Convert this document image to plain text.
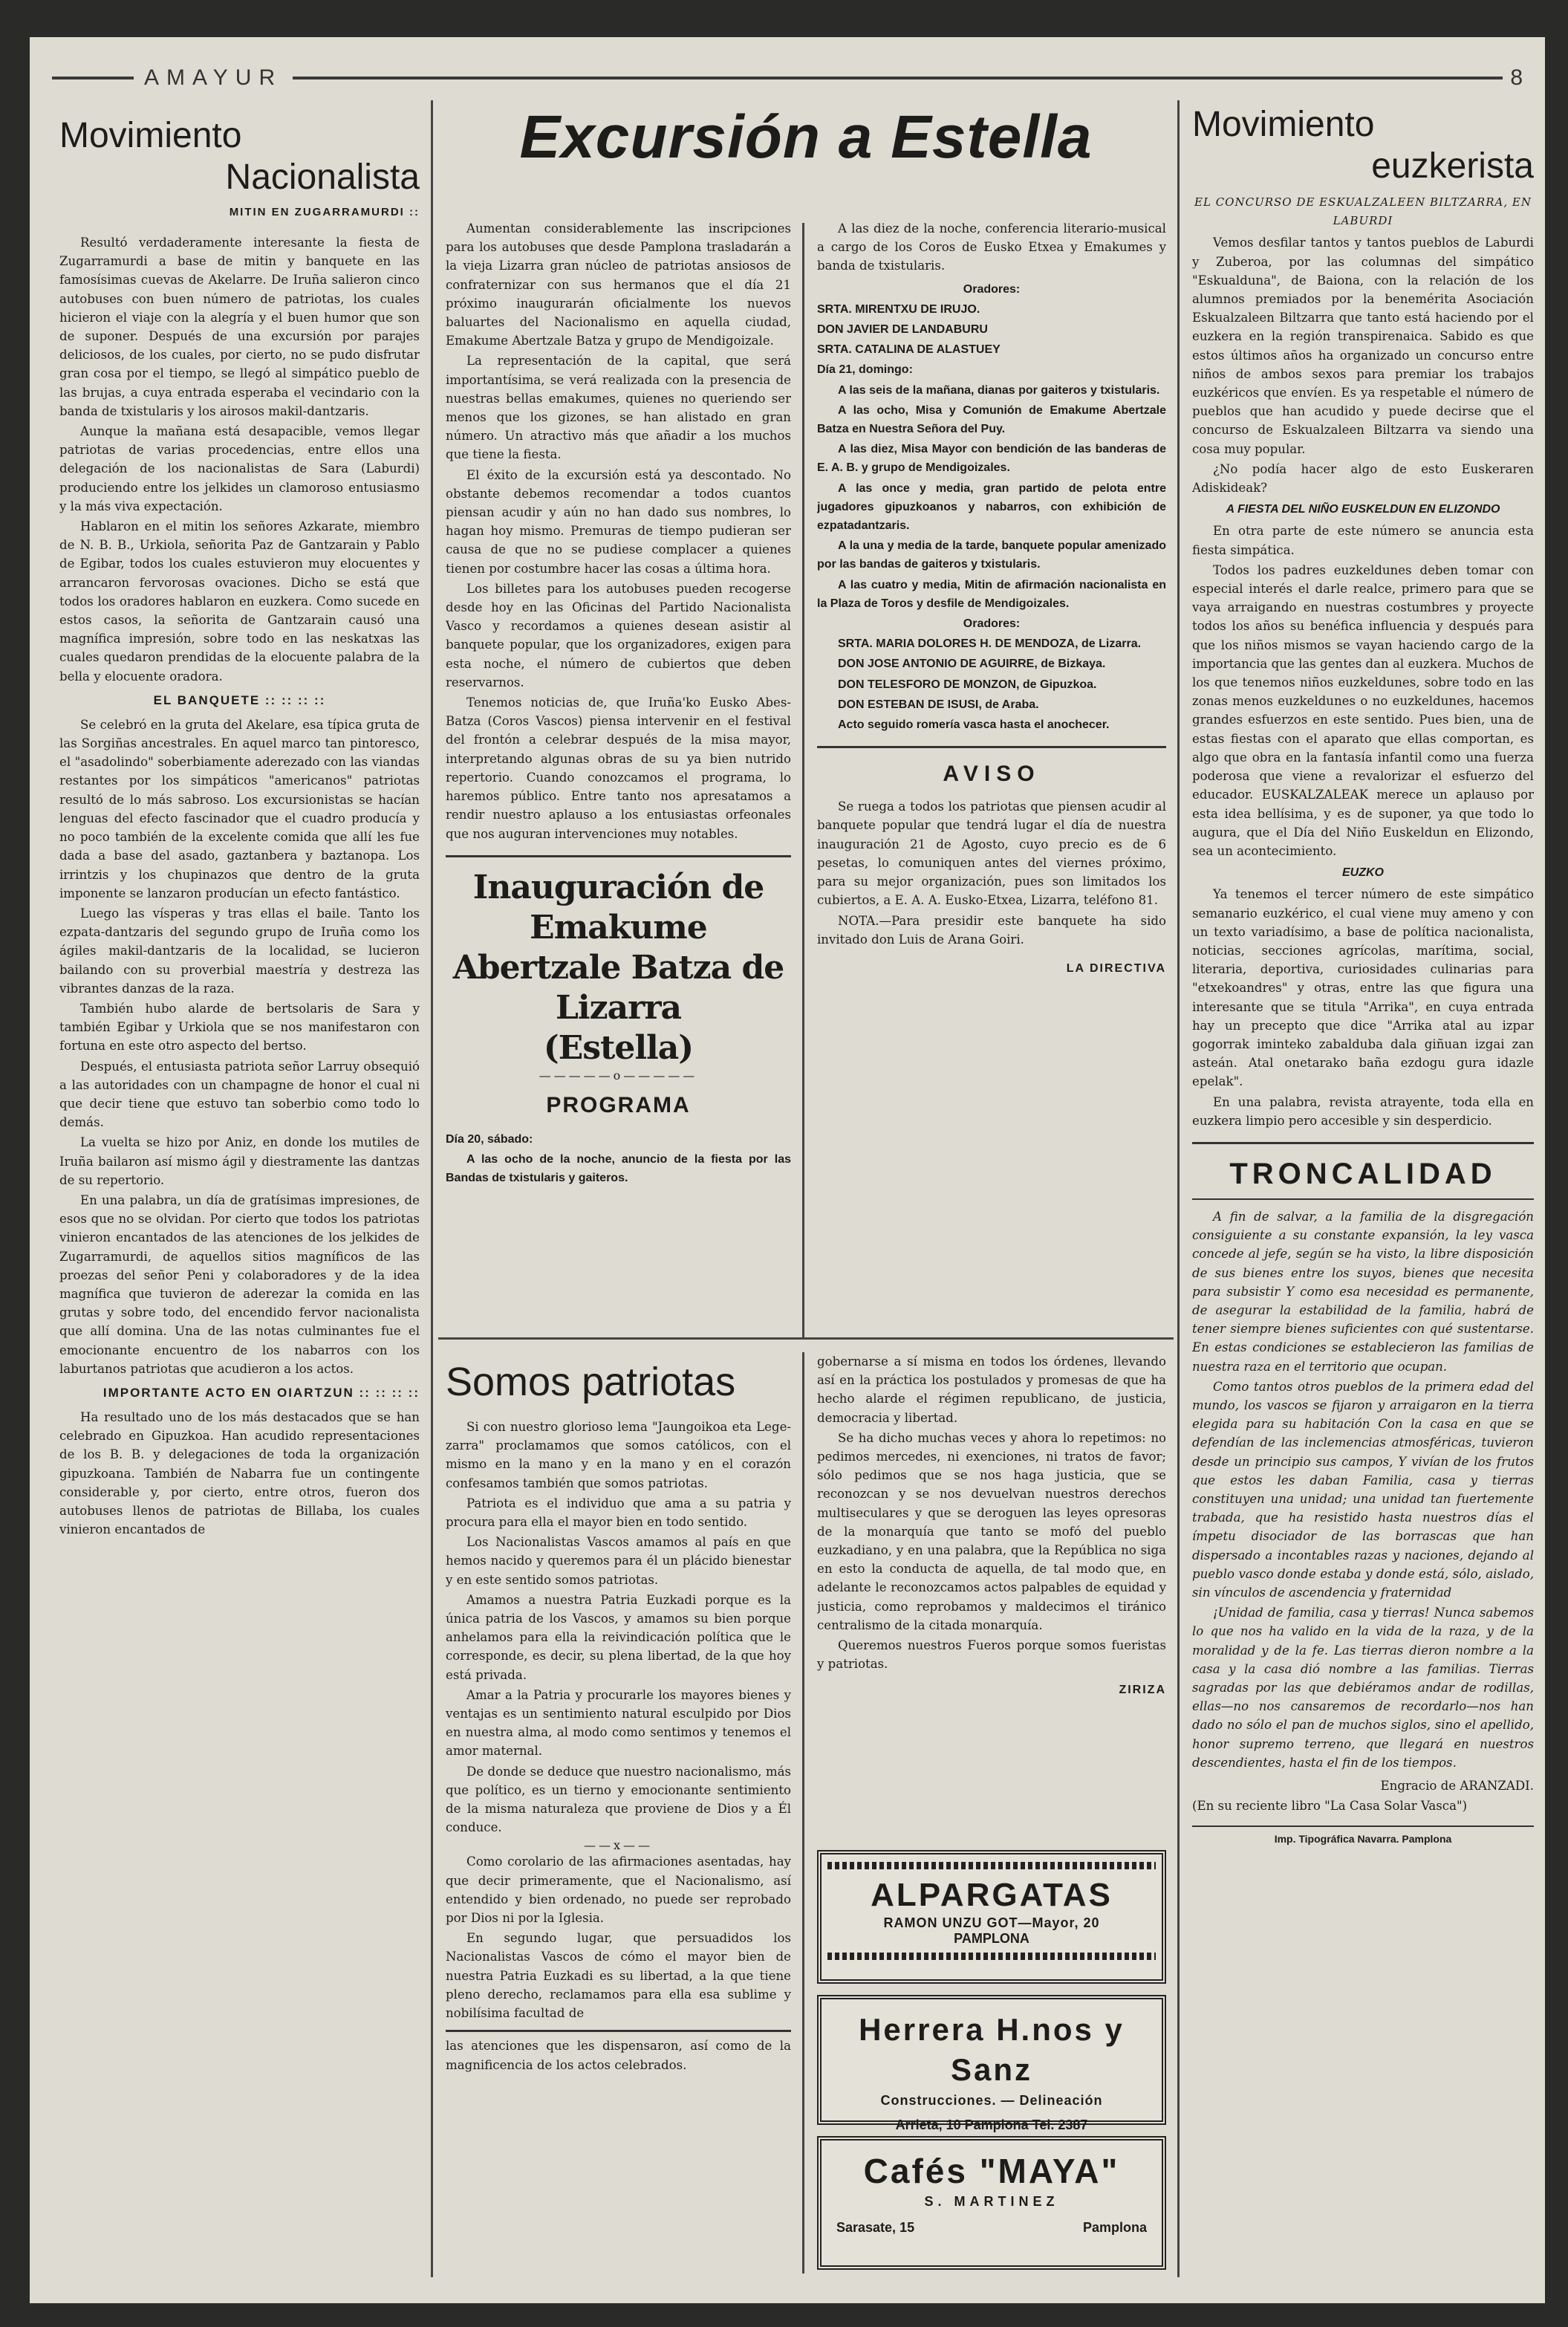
AMAYUR	8
Movimiento
Nacionalista
MITIN EN ZUGARRAMURDI ::

Resultó verdaderamente interesante la fiesta de Zugarramurdi a base de mitin y banquete en las famosísimas cuevas de Akelarre. De Iruña salieron cinco autobuses con buen número de patriotas, los cuales hicieron el viaje con la alegría y el buen humor que son de suponer. Después de una excursión por parajes deliciosos, de los cuales, por cierto, no se pudo disfrutar gran cosa por el tiempo, se llegó al simpático pueblo de las brujas, a cuya entrada esperaba el vecindario con la banda de txistularis y los airosos makil-dantzaris.

Aunque la mañana está desapacible, vemos llegar patriotas de varias procedencias, entre ellos una delegación de los nacionalistas de Sara (Laburdi) produciendo entre los jelkides un clamoroso entusiasmo y la más viva expectación.

Hablaron en el mitin los señores Azkarate, miembro de N. B. B., Urkiola, señorita Paz de Gantzarain y Pablo de Egibar, todos los cuales estuvieron muy elocuentes y arrancaron fervorosas ovaciones. Dicho se está que todos los oradores hablaron en euzkera. Como sucede en estos casos, la señorita de Gantzarain causó una magnífica impresión, sobre todo en las neskatxas las cuales quedaron prendidas de la elocuente palabra de la bella y elocuente oradora.

EL BANQUETE :: :: :: ::

Se celebró en la gruta del Akelare, esa típica gruta de las Sorgiñas ancestrales. En aquel marco tan pintoresco, el "asadolindo" soberbiamente aderezado con las viandas restantes por los simpáticos "americanos" patriotas resultó de lo más sabroso. Los excursionistas se hacían lenguas del efecto fascinador que el cuadro producía y no poco también de la excelente comida que allí les fue dada a base del asado, gaztanbera y baztanopa. Los irrintzis y los chupinazos que dentro de la gruta imponente se lanzaron producían un efecto fantástico.

Luego las vísperas y tras ellas el baile. Tanto los ezpata-dantzaris del segundo grupo de Iruña como los ágiles makil-dantzaris de la localidad, se lucieron bailando con su proverbial maestría y destreza las vibrantes danzas de la raza.

También hubo alarde de bertsolaris de Sara y también Egibar y Urkiola que se nos manifestaron con fortuna en este otro aspecto del bertso.

Después, el entusiasta patriota señor Larruy obsequió a las autoridades con un champagne de honor el cual ni que decir tiene que estuvo tan soberbio como todo lo demás.

La vuelta se hizo por Aniz, en donde los mutiles de Iruña bailaron así mismo ágil y diestramente las dantzas de su repertorio.

En una palabra, un día de gratísimas impresiones, de esos que no se olvidan. Por cierto que todos los patriotas vinieron encantados de las atenciones de los jelkides de Zugarramurdi, de aquellos sitios magníficos de las proezas del señor Peni y colaboradores y de la idea magnífica que tuvieron de aderezar la comida en las grutas y sobre todo, del encendido fervor nacionalista que allí domina. Una de las notas culminantes fue el emocionante encuentro de los nabarros con los laburtanos patriotas que acudieron a los actos.

IMPORTANTE ACTO EN OIARTZUN :: :: :: ::

Ha resultado uno de los más destacados que se han celebrado en Gipuzkoa. Han acudido representaciones de los B. B. y delegaciones de toda la organización gipuzkoana. También de Nabarra fue un contingente considerable y, por cierto, entre otros, fueron dos autobuses llenos de patriotas de Billaba, los cuales vinieron encantados de

Excursión a Estella

Aumentan considerablemente las inscripciones para los autobuses que desde Pamplona trasladarán a la vieja Lizarra gran núcleo de patriotas ansiosos de confraternizar con sus hermanos que el día 21 próximo inaugurarán oficialmente los nuevos baluartes del Nacionalismo en aquella ciudad, Emakume Abertzale Batza y grupo de Mendigoizale.

La representación de la capital, que será importantísima, se verá realizada con la presencia de nuestras bellas emakumes, quienes no queriendo ser menos que los gizones, se han alistado en gran número. Un atractivo más que añadir a los muchos que tiene la fiesta.

El éxito de la excursión está ya descontado. No obstante debemos recomendar a todos cuantos piensan acudir y aún no han dado sus nombres, lo hagan hoy mismo. Premuras de tiempo pudieran ser causa de que no se pudiese complacer a quienes tienen por costumbre hacer las cosas a última hora.

Los billetes para los autobuses pueden recogerse desde hoy en las Oficinas del Partido Nacionalista Vasco y recordamos a quienes desean asistir al banquete popular, que los organizadores, exigen para esta noche, el número de cubiertos que deben reservarnos.

Tenemos noticias de, que Iruña'ko Eusko Abes-Batza (Coros Vascos) piensa intervenir en el festival del frontón a celebrar después de la misa mayor, interpretando algunas obras de su ya bien nutrido repertorio. Cuando conozcamos el programa, lo haremos público. Entre tanto nos apresatamos a rendir nuestro aplauso a los entusiastas orfeonales que nos auguran intervenciones muy notables.

Inauguración de Emakume
Abertzale Batza de Lizarra
(Estella)
—————o—————
PROGRAMA

Día 20, sábado:

A las ocho de la noche, anuncio de la fiesta por las Bandas de txistularis y gaiteros.

A las diez de la noche, conferencia literario-musical a cargo de los Coros de Eusko Etxea y Emakumes y banda de txistularis.

Oradores:

SRTA. MIRENTXU DE IRUJO.

DON JAVIER DE LANDABURU

SRTA. CATALINA DE ALASTUEY

Día 21, domingo:

A las seis de la mañana, dianas por gaiteros y txistularis.

A las ocho, Misa y Comunión de Emakume Abertzale Batza en Nuestra Señora del Puy.

A las diez, Misa Mayor con bendición de las banderas de E. A. B. y grupo de Mendigoizales.

A las once y media, gran partido de pelota entre jugadores gipuzkoanos y nabarros, con exhibición de ezpatadantzaris.

A la una y media de la tarde, banquete popular amenizado por las bandas de gaiteros y txistularis.

A las cuatro y media, Mitin de afirmación nacionalista en la Plaza de Toros y desfile de Mendigoizales.

Oradores:

SRTA. MARIA DOLORES H. DE MENDOZA, de Lizarra.

DON JOSE ANTONIO DE AGUIRRE, de Bizkaya.

DON TELESFORO DE MONZON, de Gipuzkoa.

DON ESTEBAN DE ISUSI, de Araba.

Acto seguido romería vasca hasta el anochecer.

AVISO

Se ruega a todos los patriotas que piensen acudir al banquete popular que tendrá lugar el día de nuestra inauguración 21 de Agosto, cuyo precio es de 6 pesetas, lo comuniquen antes del viernes próximo, para su mejor organización, pues son limitados los cubiertos, a E. A. A. Eusko-Etxea, Lizarra, teléfono 81.

NOTA.—Para presidir este banquete ha sido invitado don Luis de Arana Goiri.

LA DIRECTIVA

Somos patriotas

Si con nuestro glorioso lema "Jaungoikoa eta Lege-zarra" proclamamos que somos católicos, con el mismo en la mano y en la mano y en el corazón confesamos también que somos patriotas.

Patriota es el individuo que ama a su patria y procura para ella el mayor bien en todo sentido.

Los Nacionalistas Vascos amamos al país en que hemos nacido y queremos para él un plácido bienestar y en este sentido somos patriotas.

Amamos a nuestra Patria Euzkadi porque es la única patria de los Vascos, y amamos su bien porque anhelamos para ella la reivindicación política que le corresponde, es decir, su plena libertad, de la que hoy está privada.

Amar a la Patria y procurarle los mayores bienes y ventajas es un sentimiento natural esculpido por Dios en nuestra alma, al modo como sentimos y tenemos el amor maternal.

De donde se deduce que nuestro nacionalismo, más que político, es un tierno y emocionante sentimiento de la misma naturaleza que proviene de Dios y a Él conduce.

——x——

Como corolario de las afirmaciones asentadas, hay que decir primeramente, que el Nacionalismo, así entendido y bien ordenado, no puede ser reprobado por Dios ni por la Iglesia.

En segundo lugar, que persuadidos los Nacionalistas Vascos de cómo el mayor bien de nuestra Patria Euzkadi es su libertad, a la que tiene pleno derecho, reclamamos para ella esa sublime y nobilísima facultad de

las atenciones que les dispensaron, así como de la magnificencia de los actos celebrados.

gobernarse a sí misma en todos los órdenes, llevando así en la práctica los postulados y promesas de que ha hecho alarde el régimen republicano, de justicia, democracia y libertad.

Se ha dicho muchas veces y ahora lo repetimos: no pedimos mercedes, ni exenciones, ni tratos de favor; sólo pedimos que se nos haga justicia, que se reconozcan y se nos devuelvan nuestros derechos multiseculares y que se deroguen las leyes opresoras de la monarquía que tanto se mofó del pueblo euzkadiano, y en una palabra, que la República no siga en esto la conducta de aquella, de tal modo que, en adelante le reconozcamos actos palpables de equidad y justicia, como reprobamos y maldecimos el tiránico centralismo de la citada monarquía.

Queremos nuestros Fueros porque somos fueristas y patriotas.

ZIRIZA

ALPARGATAS
RAMON UNZU GOT—Mayor, 20
PAMPLONA
Herrera H.nos y Sanz
Construcciones. — Delineación
Arrieta, 10 Pamplona Tel. 2387
Cafés "MAYA"
S. MARTINEZ
Sarasate, 15	Pamplona
Movimiento
euzkerista

EL CONCURSO DE ESKUALZALEEN BILTZARRA, EN LABURDI

Vemos desfilar tantos y tantos pueblos de Laburdi y Zuberoa, por las columnas del simpático "Eskualduna", de Baiona, con la relación de los alumnos premiados por la benemérita Asociación Eskualzaleen Biltzarra que tanto está haciendo por el euzkera en la región transpirenaica. Sabido es que estos últimos años ha organizado un concurso entre niños de ambos sexos para premiar los trabajos euzkéricos que envíen. Es ya respetable el número de pueblos que han acudido y puede decirse que el concurso de Eskualzaleen Biltzarra va siendo una cosa muy popular.

¿No podía hacer algo de esto Euskeraren Adiskideak?

A FIESTA DEL NIÑO EUSKELDUN EN ELIZONDO

En otra parte de este número se anuncia esta fiesta simpática.

Todos los padres euzkeldunes deben tomar con especial interés el darle realce, primero para que se vaya arraigando en nuestras costumbres y proyecte todos los años su benéfica influencia y después para que los niños mismos se vayan haciendo cargo de la importancia que las gentes dan al euzkera. Muchos de los que tenemos niños euzkeldunes, sobre todo en las zonas menos euzkeldunes o no euzkeldunes, hacemos grandes esfuerzos en este sentido. Pues bien, una de estas fiestas con el aparato que ellas comportan, es algo que obra en la fantasía infantil como una fuerza poderosa que viene a revalorizar el esfuerzo del educador. EUSKALZALEAK merece un aplauso por esta idea bellísima, y es de suponer, ya que todo lo augura, que el Día del Niño Euskeldun en Elizondo, sea un acontecimiento.

EUZKO

Ya tenemos el tercer número de este simpático semanario euzkérico, el cual viene muy ameno y con un texto variadísimo, a base de política nacionalista, noticias, secciones agrícolas, marítima, social, literaria, deportiva, curiosidades culinarias para "etxekoandres" y otras, entre las que figura una interesante que se titula "Arrika", en cuya entrada hay un precepto que dice "Arrika atal au izpar gogorrak iminteko zabalduba dala giñuan izgai zan asteán. Atal onetarako baña ezdogu gura idazle epelak".

En una palabra, revista atrayente, toda ella en euzkera limpio pero accesible y sin desperdicio.

TRONCALIDAD

A fin de salvar, a la familia de la disgregación consiguiente a su constante expansión, la ley vasca concede al jefe, según se ha visto, la libre disposición de sus bienes entre los suyos, bienes que necesita para subsistir Y como esa necesidad es permanente, de asegurar la estabilidad de la familia, habrá de tener siempre bienes suficientes con qué sustentarse. En estas condiciones se establecieron las familias de nuestra raza en el territorio que ocupan.

Como tantos otros pueblos de la primera edad del mundo, los vascos se fijaron y arraigaron en la tierra elegida para su habitación Con la casa en que se defendían de las inclemencias atmosféricas, tuvieron desde un principio sus campos, Y vivían de los frutos que estos les daban Familia, casa y tierras constituyen una unidad; una unidad tan fuertemente trabada, que ha resistido hasta nuestros días el ímpetu disociador de las borrascas que han dispersado a incontables razas y naciones, dejando al pueblo vasco donde estaba y donde está, sólo, aislado, sin vínculos de ascendencia y fraternidad

¡Unidad de familia, casa y tierras! Nunca sabemos lo que nos ha valido en la vida de la raza, y de la moralidad y de la fe. Las tierras dieron nombre a la casa y la casa dió nombre a las familias. Tierras sagradas por las que debiéramos andar de rodillas, ellas—no nos cansaremos de recordarlo—nos han dado no sólo el pan de muchos siglos, sino el apellido, honor supremo terreno, que llegará en nuestros descendientes, hasta el fin de los tiempos.

Engracio de ARANZADI.

(En su reciente libro "La Casa Solar Vasca")

Imp. Tipográfica Navarra. Pamplona
